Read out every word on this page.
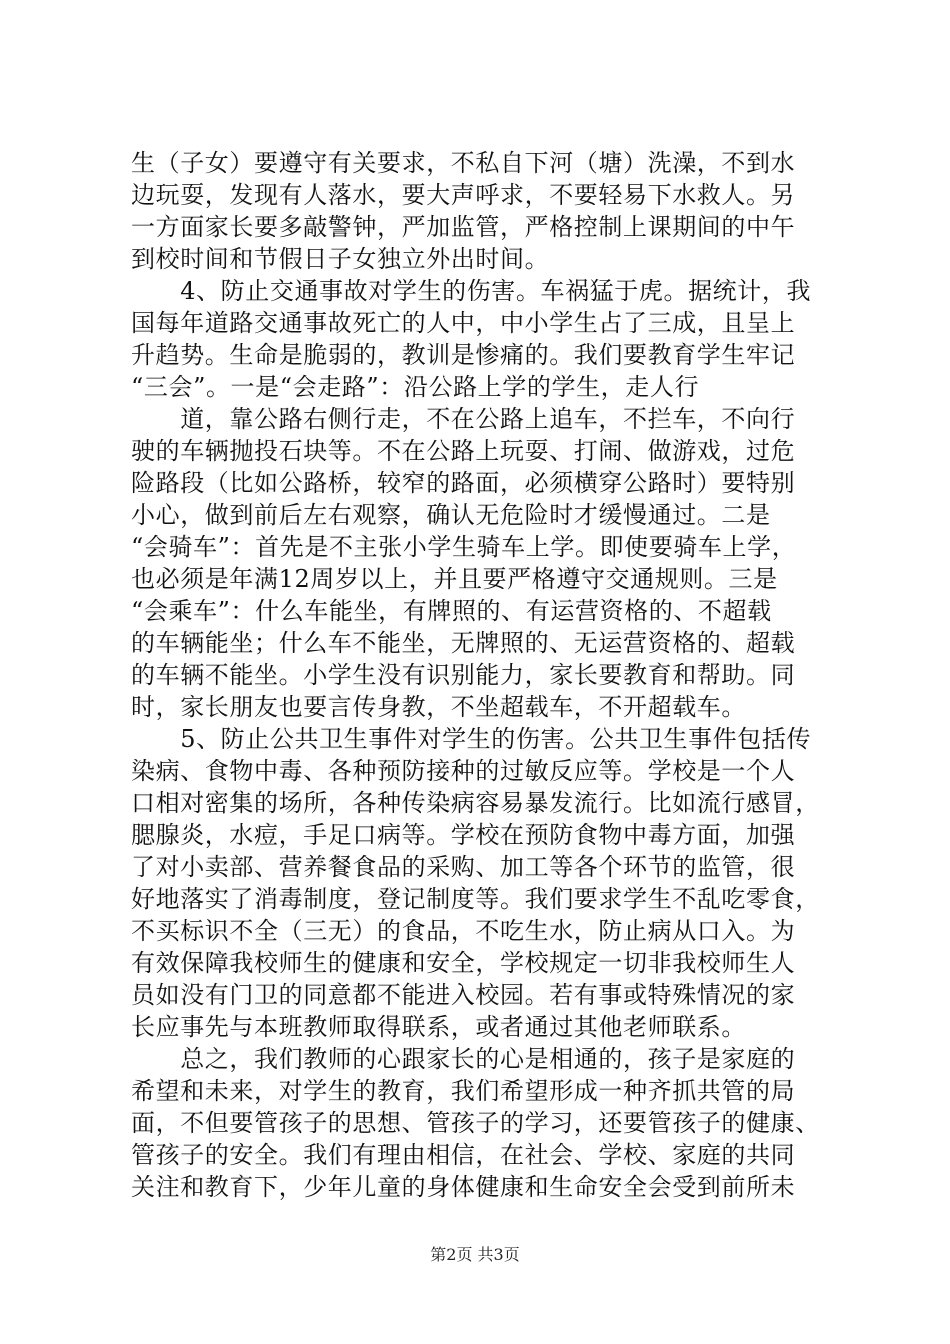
生（子女）要遵守有关要求，不私自下河（塘）洗澡，不到水
边玩耍，发现有人落水，要大声呼求，不要轻易下水救人。另
一方面家长要多敲警钟，严加监管，严格控制上课期间的中午
到校时间和节假日子女独立外出时间。

　　4、防止交通事故对学生的伤害。车祸猛于虎。据统计，我
国每年道路交通事故死亡的人中，中小学生占了三成，且呈上
升趋势。生命是脆弱的，教训是惨痛的。我们要教育学生牢记
“三会”。一是“会走路”：沿公路上学的学生，走人行
　　道，靠公路右侧行走，不在公路上追车，不拦车，不向行
驶的车辆抛投石块等。不在公路上玩耍、打闹、做游戏，过危
险路段（比如公路桥，较窄的路面，必须横穿公路时）要特别
小心，做到前后左右观察，确认无危险时才缓慢通过。二是
“会骑车”：首先是不主张小学生骑车上学。即使要骑车上学，
也必须是年满12周岁以上，并且要严格遵守交通规则。三是
“会乘车”：什么车能坐，有牌照的、有运营资格的、不超载
的车辆能坐；什么车不能坐，无牌照的、无运营资格的、超载
的车辆不能坐。小学生没有识别能力，家长要教育和帮助。同
时，家长朋友也要言传身教，不坐超载车，不开超载车。

　　5、防止公共卫生事件对学生的伤害。公共卫生事件包括传
染病、食物中毒、各种预防接种的过敏反应等。学校是一个人
口相对密集的场所，各种传染病容易暴发流行。比如流行感冒，
腮腺炎，水痘，手足口病等。学校在预防食物中毒方面，加强
了对小卖部、营养餐食品的采购、加工等各个环节的监管，很
好地落实了消毒制度，登记制度等。我们要求学生不乱吃零食，
不买标识不全（三无）的食品，不吃生水，防止病从口入。为
有效保障我校师生的健康和安全，学校规定一切非我校师生人
员如没有门卫的同意都不能进入校园。若有事或特殊情况的家
长应事先与本班教师取得联系，或者通过其他老师联系。

　　总之，我们教师的心跟家长的心是相通的，孩子是家庭的
希望和未来，对学生的教育，我们希望形成一种齐抓共管的局
面，不但要管孩子的思想、管孩子的学习，还要管孩子的健康、
管孩子的安全。我们有理由相信，在社会、学校、家庭的共同
关注和教育下，少年儿童的身体健康和生命安全会受到前所未

第2页 共3页
